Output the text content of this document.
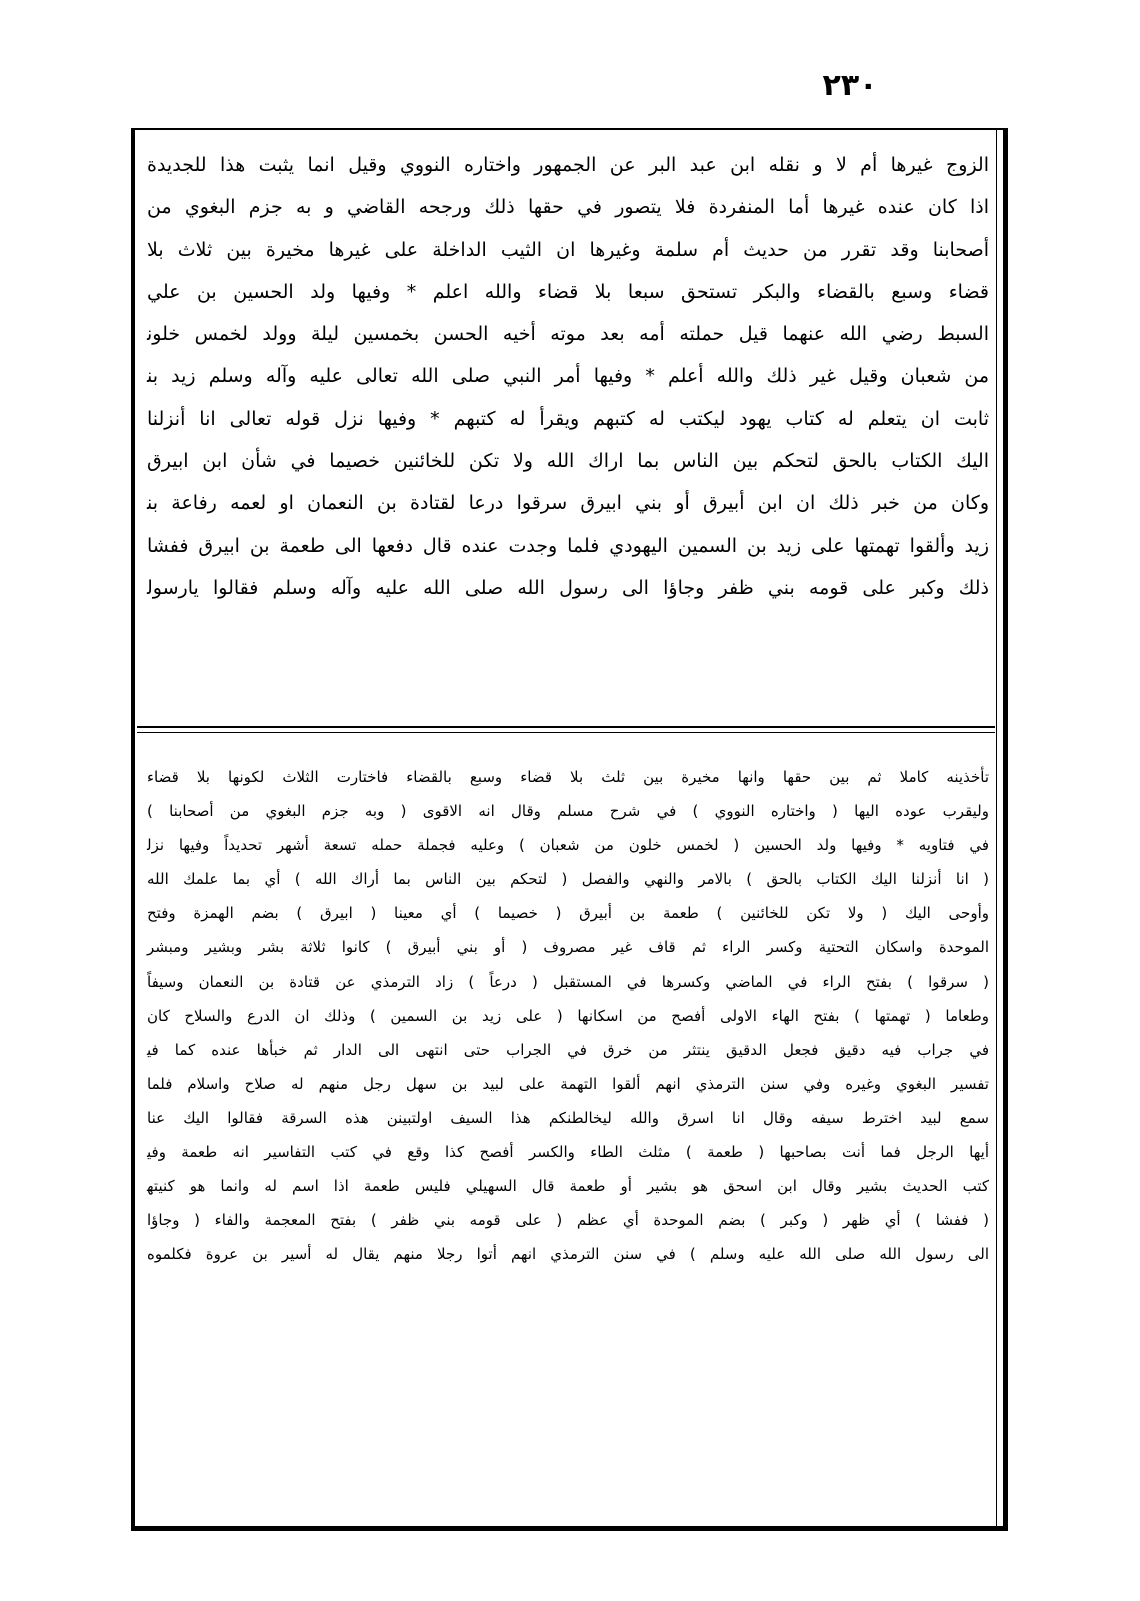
٢٣٠
الزوج غيرها أم لا و نقله ابن عبد البر عن الجمهور واختاره النووي وقيل انما يثبت هذا للجديدة
اذا كان عنده غيرها أما المنفردة فلا يتصور في حقها ذلك ورجحه القاضي و به جزم البغوي من
أصحابنا وقد تقرر من حديث أم سلمة وغيرها ان الثيب الداخلة على غيرها مخيرة بين ثلاث بلا
قضاء وسبع بالقضاء والبكر تستحق سبعا بلا قضاء والله اعلم * وفيها ولد الحسين بن علي
السبط رضي الله عنهما قيل حملته أمه بعد موته أخيه الحسن بخمسين ليلة وولد لخمس خلون
من شعبان وقيل غير ذلك والله أعلم * وفيها أمر النبي صلى الله تعالى عليه وآله وسلم زيد بن
ثابت ان يتعلم له كتاب يهود ليكتب له كتبهم ويقرأ له كتبهم * وفيها نزل قوله تعالى انا أنزلنا
اليك الكتاب بالحق لتحكم بين الناس بما اراك الله ولا تكن للخائنين خصيما في شأن ابن ابيرق
وكان من خبر ذلك ان ابن أبيرق أو بني ابيرق سرقوا درعا لقتادة بن النعمان او لعمه رفاعة بن
زيد وألقوا تهمتها على زيد بن السمين اليهودي فلما وجدت عنده قال دفعها الى طعمة بن ابيرق ففشا
ذلك وكبر على قومه بني ظفر وجاؤا الى رسول الله صلى الله عليه وآله وسلم فقالوا يارسول
تأخذينه كاملا ثم بين حقها وانها مخيرة بين ثلث بلا قضاء وسبع بالقضاء فاختارت الثلاث لكونها بلا قضاء
وليقرب عوده اليها ( واختاره النووي ) في شرح مسلم وقال انه الاقوى ( وبه جزم البغوي من أصحابنا )
في فتاويه * وفيها ولد الحسين ( لخمس خلون من شعبان ) وعليه فجملة حمله تسعة أشهر تحديداً وفيها نزل
( انا أنزلنا اليك الكتاب بالحق ) بالامر والنهي والفصل ( لتحكم بين الناس بما أراك الله ) أي بما علمك الله
وأوحى اليك ( ولا تكن للخائنين ) طعمة بن أبيرق ( خصيما ) أي معينا ( ابيرق ) بضم الهمزة وفتح
الموحدة واسكان التحتية وكسر الراء ثم قاف غير مصروف ( أو بني أبيرق ) كانوا ثلاثة بشر وبشير ومبشر
( سرقوا ) بفتح الراء في الماضي وكسرها في المستقبل ( درعاً ) زاد الترمذي عن قتادة بن النعمان وسيفاً
وطعاما ( تهمتها ) بفتح الهاء الاولى أفصح من اسكانها ( على زيد بن السمين ) وذلك ان الدرع والسلاح كان
في جراب فيه دقيق فجعل الدقيق ينتثر من خرق في الجراب حتى انتهى الى الدار ثم خبأها عنده كما في
تفسير البغوي وغيره وفي سنن الترمذي انهم ألقوا التهمة على لبيد بن سهل رجل منهم له صلاح واسلام فلما
سمع لبيد اخترط سيفه وقال انا اسرق والله ليخالطنكم هذا السيف اولتبينن هذه السرقة فقالوا اليك عنا
أيها الرجل فما أنت بصاحبها ( طعمة ) مثلث الطاء والكسر أفصح كذا وقع في كتب التفاسير انه طعمة وفي
كتب الحديث بشير وقال ابن اسحق هو بشير أو طعمة قال السهيلي فليس طعمة اذا اسم له وانما هو كنيته
( ففشا ) أي ظهر ( وكبر ) بضم الموحدة أي عظم ( على قومه بني ظفر ) بفتح المعجمة والفاء ( وجاؤا
الى رسول الله صلى الله عليه وسلم ) في سنن الترمذي انهم أتوا رجلا منهم يقال له أسير بن عروة فكلموه
